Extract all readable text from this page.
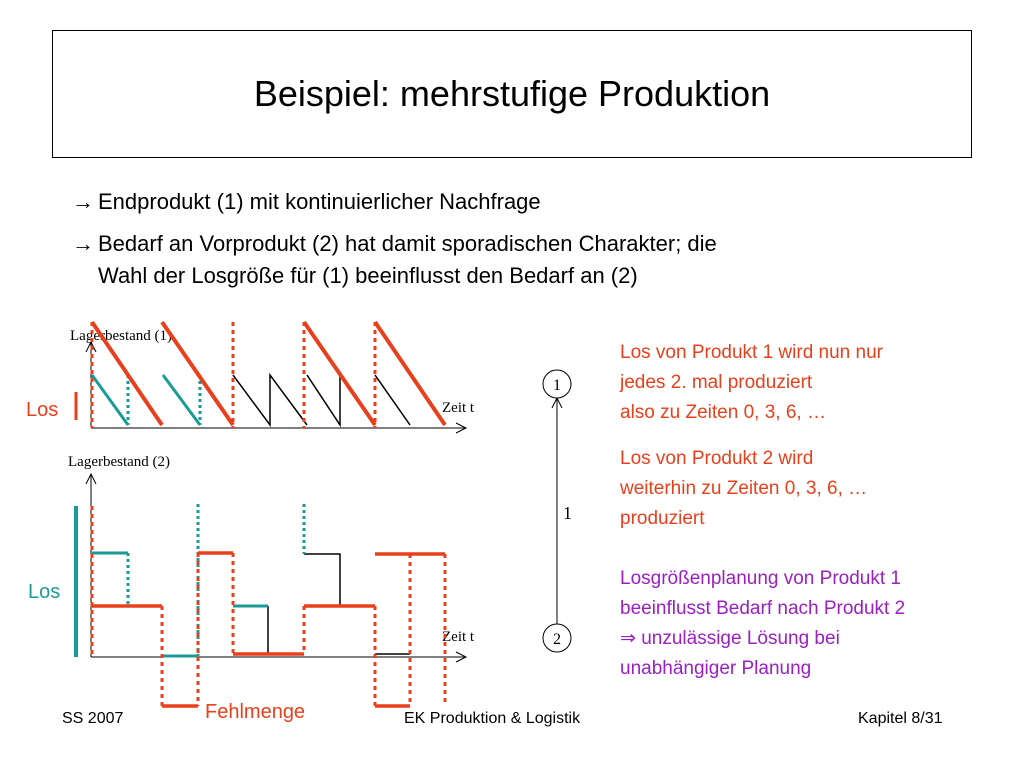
Beispiel: mehrstufige Produktion
→ Endprodukt (1) mit kontinuierlicher Nachfrage
→ Bedarf an Vorprodukt (2) hat damit sporadischen Charakter; die
Wahl der Losgröße für (1) beeinflusst den Bedarf an (2)
Lagerbestand (1)
Zeit t
Los
Lagerbestand (2)
Zeit t
Los
Fehlmenge
1
2
1
Los von Produkt 1 wird nun nur
jedes 2. mal produziert
also zu Zeiten 0, 3, 6, …
Los von Produkt 2 wird
weiterhin zu Zeiten 0, 3, 6, …
produziert
Losgrößenplanung von Produkt 1
beeinflusst Bedarf nach Produkt 2
⇒ unzulässige Lösung bei
unabhängiger Planung
SS 2007	EK Produktion & Logistik	Kapitel 8/31
